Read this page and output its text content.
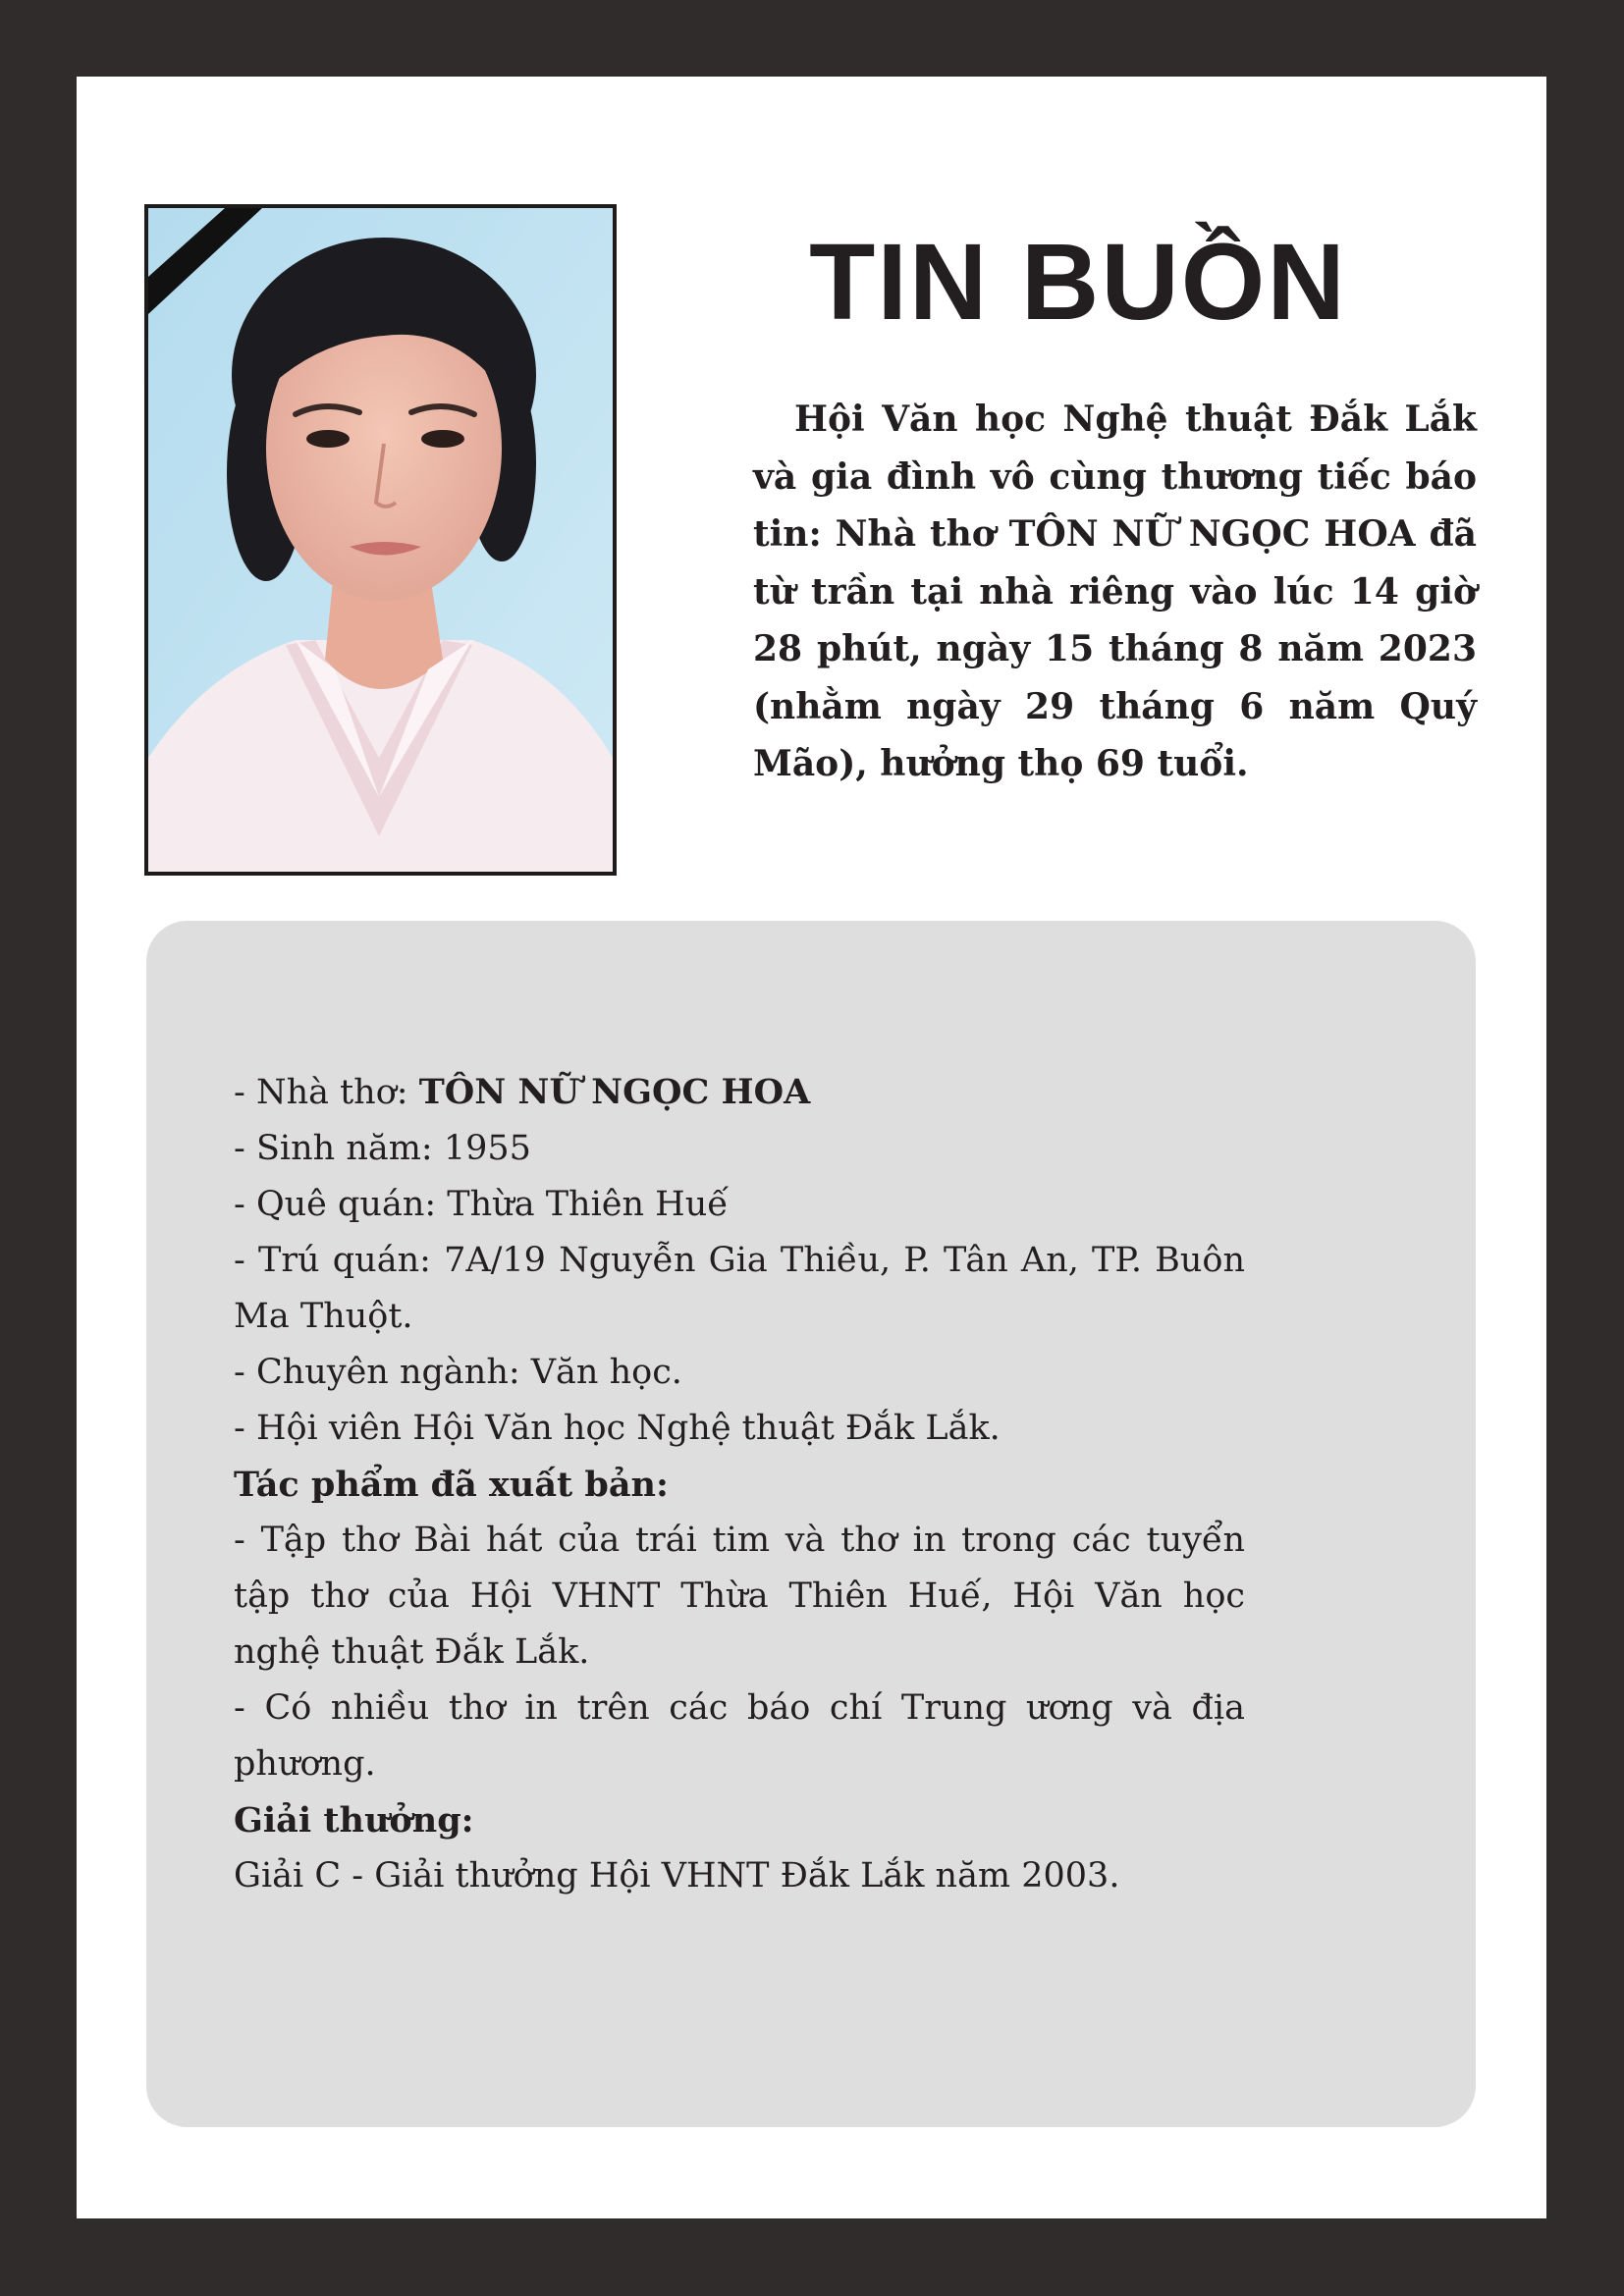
TIN BUỒN

Hội Văn học Nghệ thuật Đắk Lắk và gia đình vô cùng thương tiếc báo tin: Nhà thơ TÔN NỮ NGỌC HOA đã từ trần tại nhà riêng vào lúc 14 giờ 28 phút, ngày 15 tháng 8 năm 2023 (nhằm ngày 29 tháng 6 năm Quý Mão), hưởng thọ 69 tuổi.

- Nhà thơ: TÔN NỮ NGỌC HOA

- Sinh năm: 1955

- Quê quán: Thừa Thiên Huế

- Trú quán: 7A/19 Nguyễn Gia Thiều, P. Tân An, TP. Buôn Ma Thuột.

- Chuyên ngành: Văn học.

- Hội viên Hội Văn học Nghệ thuật Đắk Lắk.

Tác phẩm đã xuất bản:

- Tập thơ Bài hát của trái tim và thơ in trong các tuyển tập thơ của Hội VHNT Thừa Thiên Huế, Hội Văn học nghệ thuật Đắk Lắk.

- Có nhiều thơ in trên các báo chí Trung ương và địa phương.

Giải thưởng:

Giải C - Giải thưởng Hội VHNT Đắk Lắk năm 2003.
